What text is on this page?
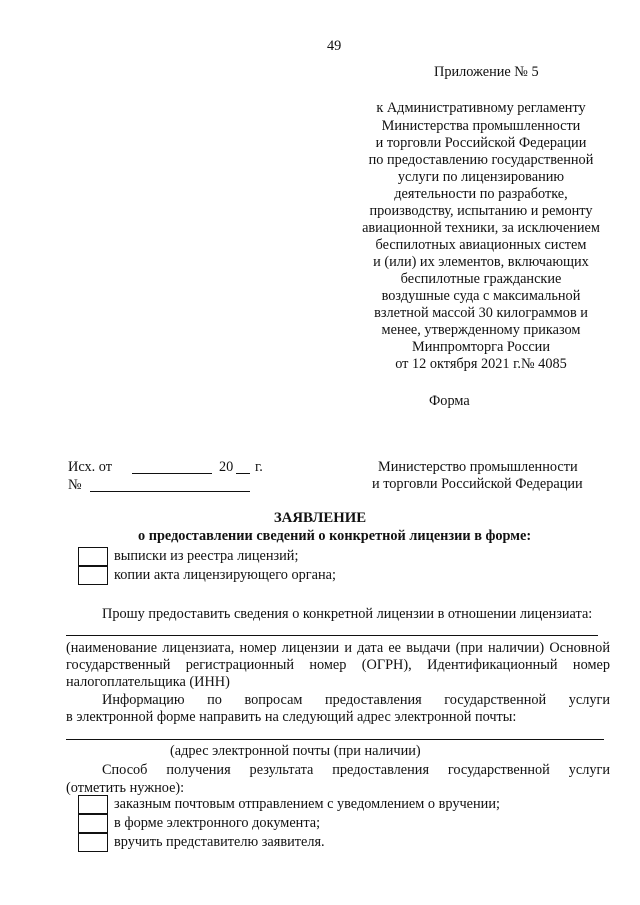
49
Приложение № 5
к Административному регламенту
Министерства промышленности
и торговли Российской Федерации
по предоставлению государственной
услуги по лицензированию
деятельности по разработке,
производству, испытанию и ремонту
авиационной техники, за исключением
беспилотных авиационных систем
и (или) их элементов, включающих
беспилотные гражданские
воздушные суда с максимальной
взлетной массой 30 килограммов и
менее, утвержденному приказом
Минпромторга России
от 12 октября 2021 г.№ 4085
Форма
Исх. от	20 г.
№
Министерство промышленности
и торговли Российской Федерации
ЗАЯВЛЕНИЕ
о предоставлении сведений о конкретной лицензии в форме:
выписки из реестра лицензий;
копии акта лицензирующего органа;
Прошу предоставить сведения о конкретной лицензии в отношении лицензиата:
(наименование лицензиата, номер лицензии и дата ее выдачи (при наличии) Основной
государственный регистрационный номер (ОГРН), Идентификационный номер
налогоплательщика (ИНН)
Информацию по вопросам предоставления государственной услуги
в электронной форме направить на следующий адрес электронной почты:
(адрес электронной почты (при наличии)
Способ получения результата предоставления государственной услуги
(отметить нужное):
заказным почтовым отправлением с уведомлением о вручении;
в форме электронного документа;
вручить представителю заявителя.
